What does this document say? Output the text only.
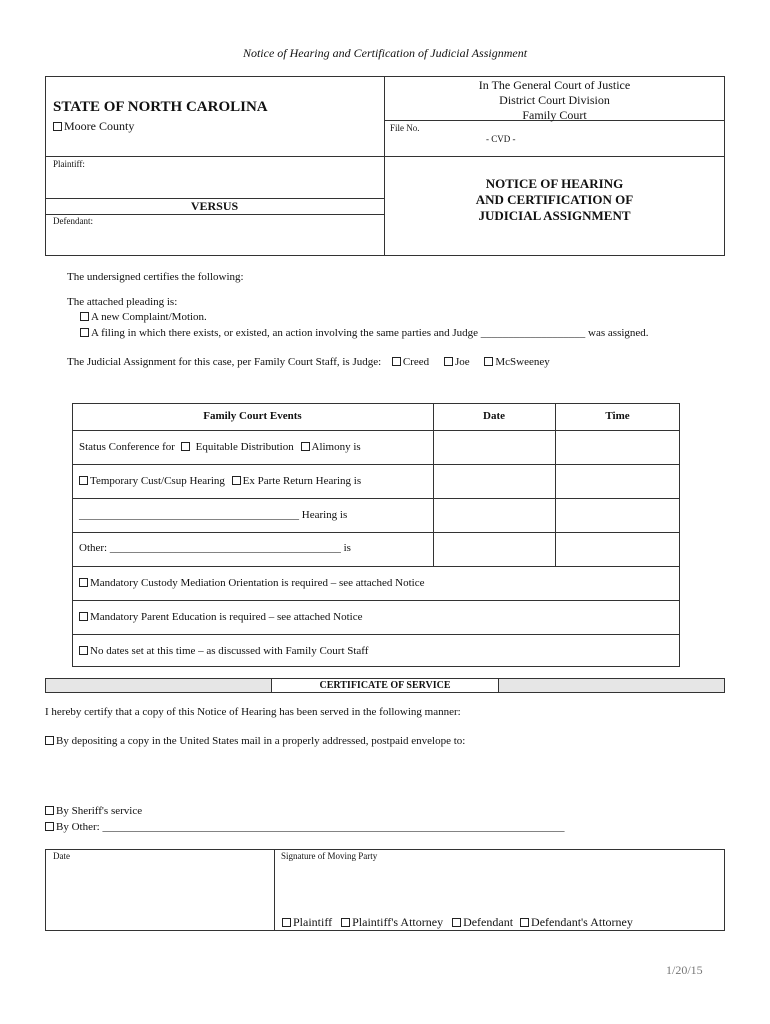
Notice of Hearing and Certification of Judicial Assignment
In The General Court of Justice
District Court Division
Family Court
STATE OF NORTH CAROLINA
Moore County	File No.
- CVD -
Plaintiff:
VERSUS
Defendant:
NOTICE OF HEARING
AND CERTIFICATION OF
JUDICIAL ASSIGNMENT
The undersigned certifies the following:
The attached pleading is:
A new Complaint/Motion.
A filing in which there exists, or existed, an action involving the same parties and Judge ___________________ was assigned.
The Judicial Assignment for this case, per Family Court Staff, is Judge: Creed Joe McSweeney
Family Court Events	Date	Time
Status Conference for Equitable Distribution Alimony is
Temporary Cust/Csup Hearing Ex Parte Return Hearing is
________________________________________ Hearing is
Other: __________________________________________ is
Mandatory Custody Mediation Orientation is required – see attached Notice
Mandatory Parent Education is required – see attached Notice
No dates set at this time – as discussed with Family Court Staff
CERTIFICATE OF SERVICE
I hereby certify that a copy of this Notice of Hearing has been served in the following manner:
By depositing a copy in the United States mail in a properly addressed, postpaid envelope to:
By Sheriff's service
By Other: ____________________________________________________________________________________
Date	Signature of Moving Party
Plaintiff Plaintiff's Attorney Defendant Defendant's Attorney
1/20/15
